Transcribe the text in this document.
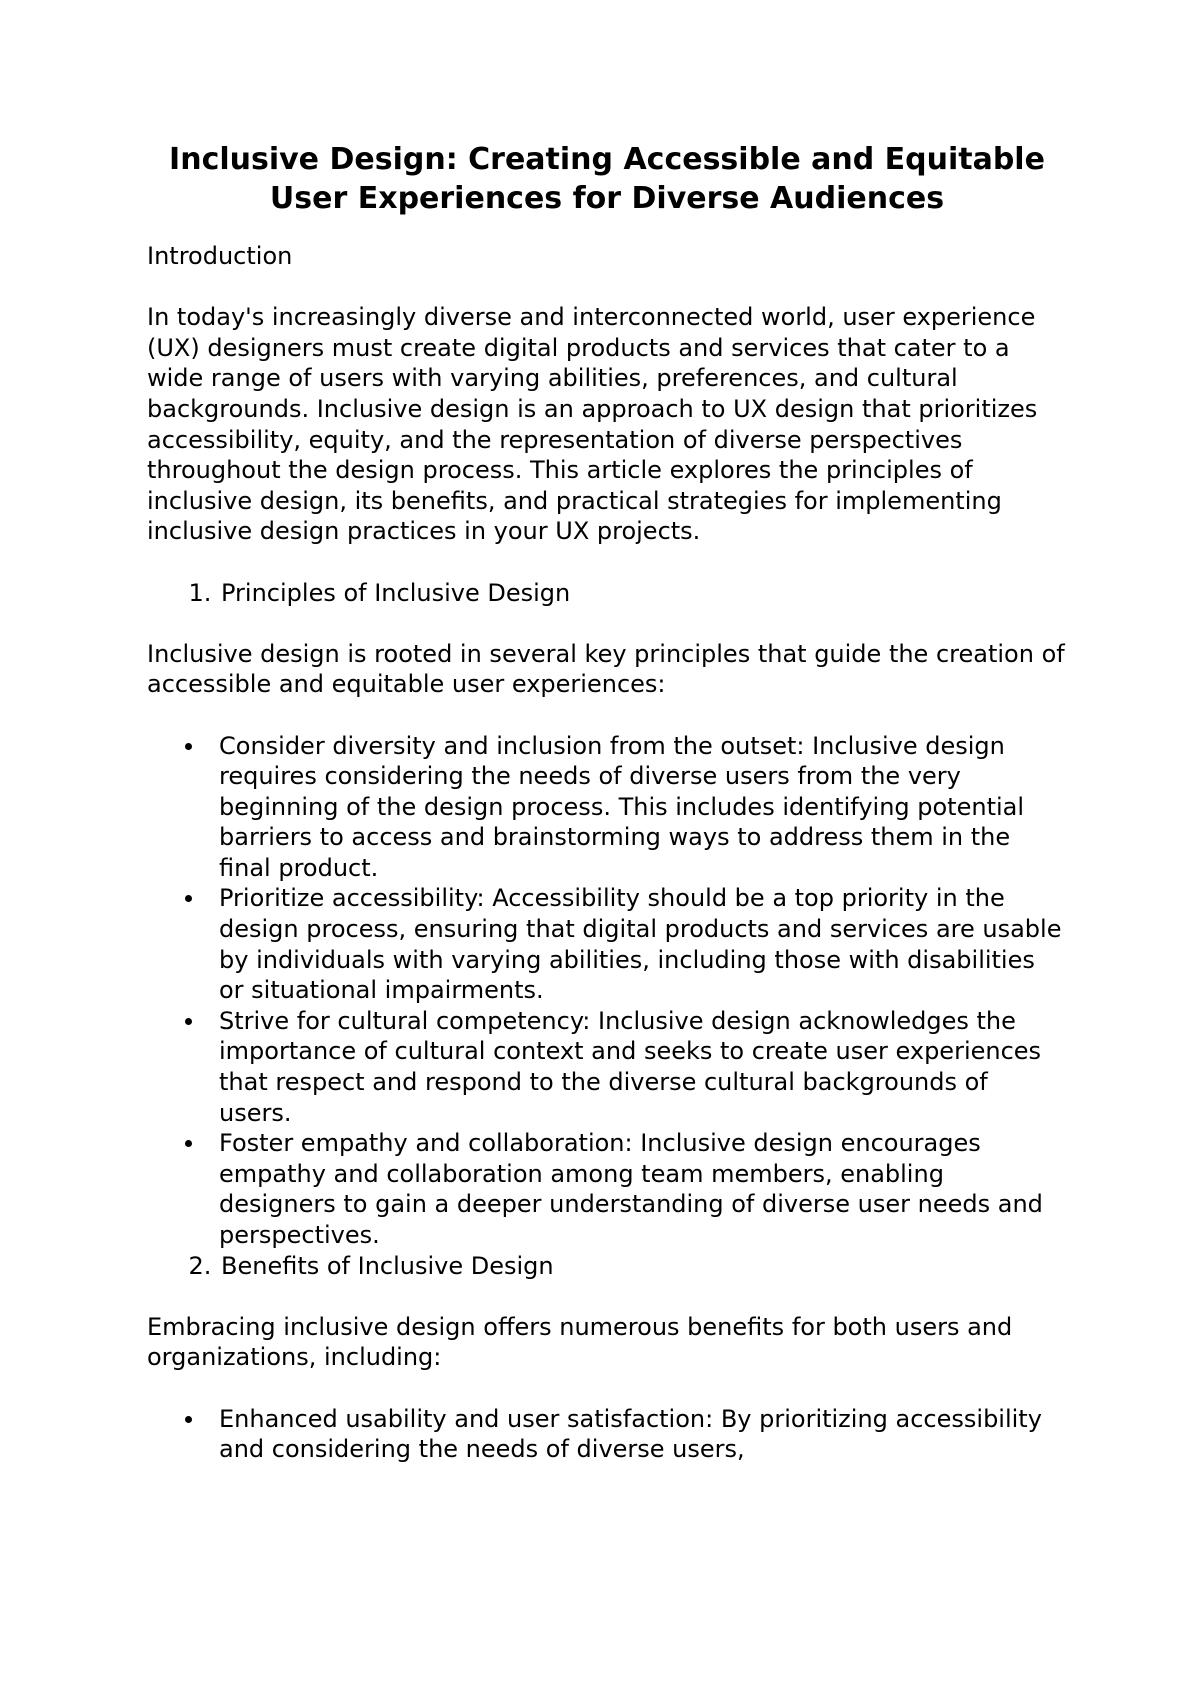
Inclusive Design: Creating Accessible and Equitable User Experiences for Diverse Audiences

Introduction

In today's increasingly diverse and interconnected world, user experience (UX) designers must create digital products and services that cater to a wide range of users with varying abilities, preferences, and cultural backgrounds. Inclusive design is an approach to UX design that prioritizes accessibility, equity, and the representation of diverse perspectives throughout the design process. This article explores the principles of inclusive design, its benefits, and practical strategies for implementing inclusive design practices in your UX projects.

1. Principles of Inclusive Design

Inclusive design is rooted in several key principles that guide the creation of accessible and equitable user experiences:

Consider diversity and inclusion from the outset: Inclusive design requires considering the needs of diverse users from the very beginning of the design process. This includes identifying potential barriers to access and brainstorming ways to address them in the final product.
Prioritize accessibility: Accessibility should be a top priority in the design process, ensuring that digital products and services are usable by individuals with varying abilities, including those with disabilities or situational impairments.
Strive for cultural competency: Inclusive design acknowledges the importance of cultural context and seeks to create user experiences that respect and respond to the diverse cultural backgrounds of users.
Foster empathy and collaboration: Inclusive design encourages empathy and collaboration among team members, enabling designers to gain a deeper understanding of diverse user needs and perspectives.
2. Benefits of Inclusive Design

Embracing inclusive design offers numerous benefits for both users and organizations, including:

Enhanced usability and user satisfaction: By prioritizing accessibility and considering the needs of diverse users,
